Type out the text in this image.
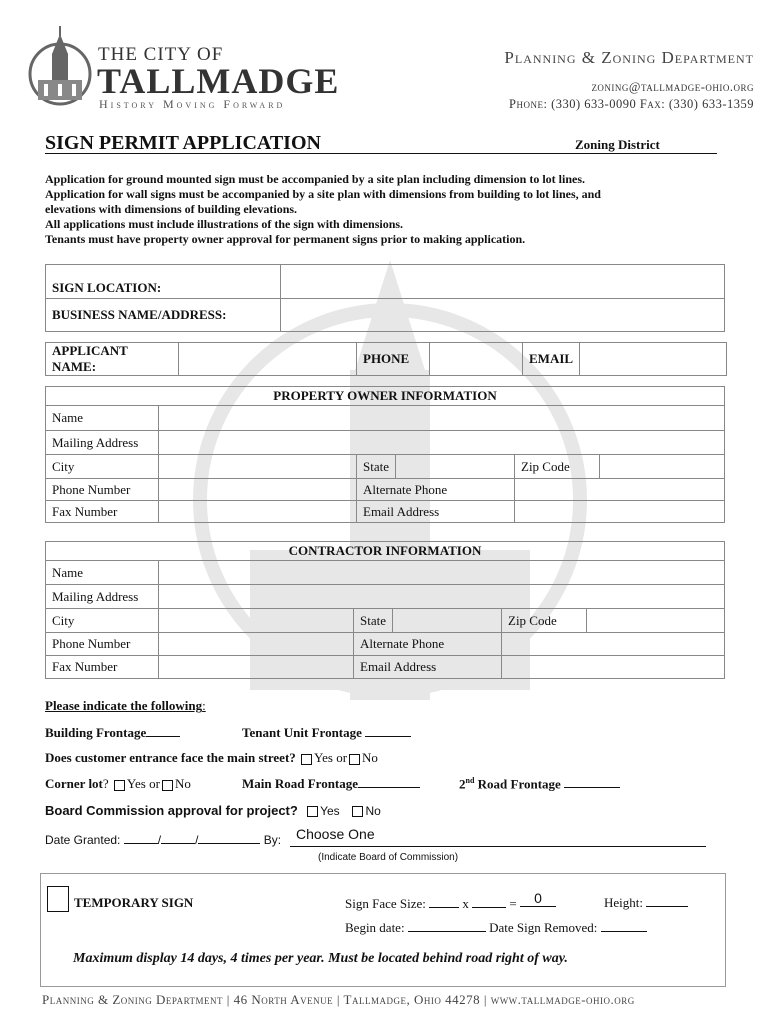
THE CITY OF
TALLMADGE
History Moving Forward
Planning & Zoning Department
zoning@tallmadge-ohio.org
Phone: (330) 633-0090 Fax: (330) 633-1359
SIGN PERMIT APPLICATION	Zoning District
Application for ground mounted sign must be accompanied by a site plan including dimension to lot lines.
Application for wall signs must be accompanied by a site plan with dimensions from building to lot lines, and
elevations with dimensions of building elevations.
All applications must include illustrations of the sign with dimensions.
Tenants must have property owner approval for permanent signs prior to making application.
SIGN LOCATION:	
BUSINESS NAME/ADDRESS:	
APPLICANT NAME:		PHONE		EMAIL	
PROPERTY OWNER INFORMATION					
Name					
Mailing Address					
City		State		Zip Code	
Phone Number		Alternate Phone			
Fax Number		Email Address			
CONTRACTOR INFORMATION					
Name					
Mailing Address					
City		State		Zip Code	
Phone Number		Alternate Phone			
Fax Number		Email Address			
Please indicate the following:
Building Frontage	Tenant Unit Frontage
Does customer entrance face the main street? Yes or No
Corner lot? Yes or No	Main Road Frontage	2nd Road Frontage
Board Commission approval for project? Yes No
Date Granted:	/	/	By:	Choose One
(Indicate Board of Commission)
TEMPORARY SIGN	Sign Face Size:	x	= 0	Height:
Begin date:	Date Sign Removed:
Maximum display 14 days, 4 times per year. Must be located behind road right of way.
Planning & Zoning Department | 46 North Avenue | Tallmadge, Ohio 44278 | www.tallmadge-ohio.org
